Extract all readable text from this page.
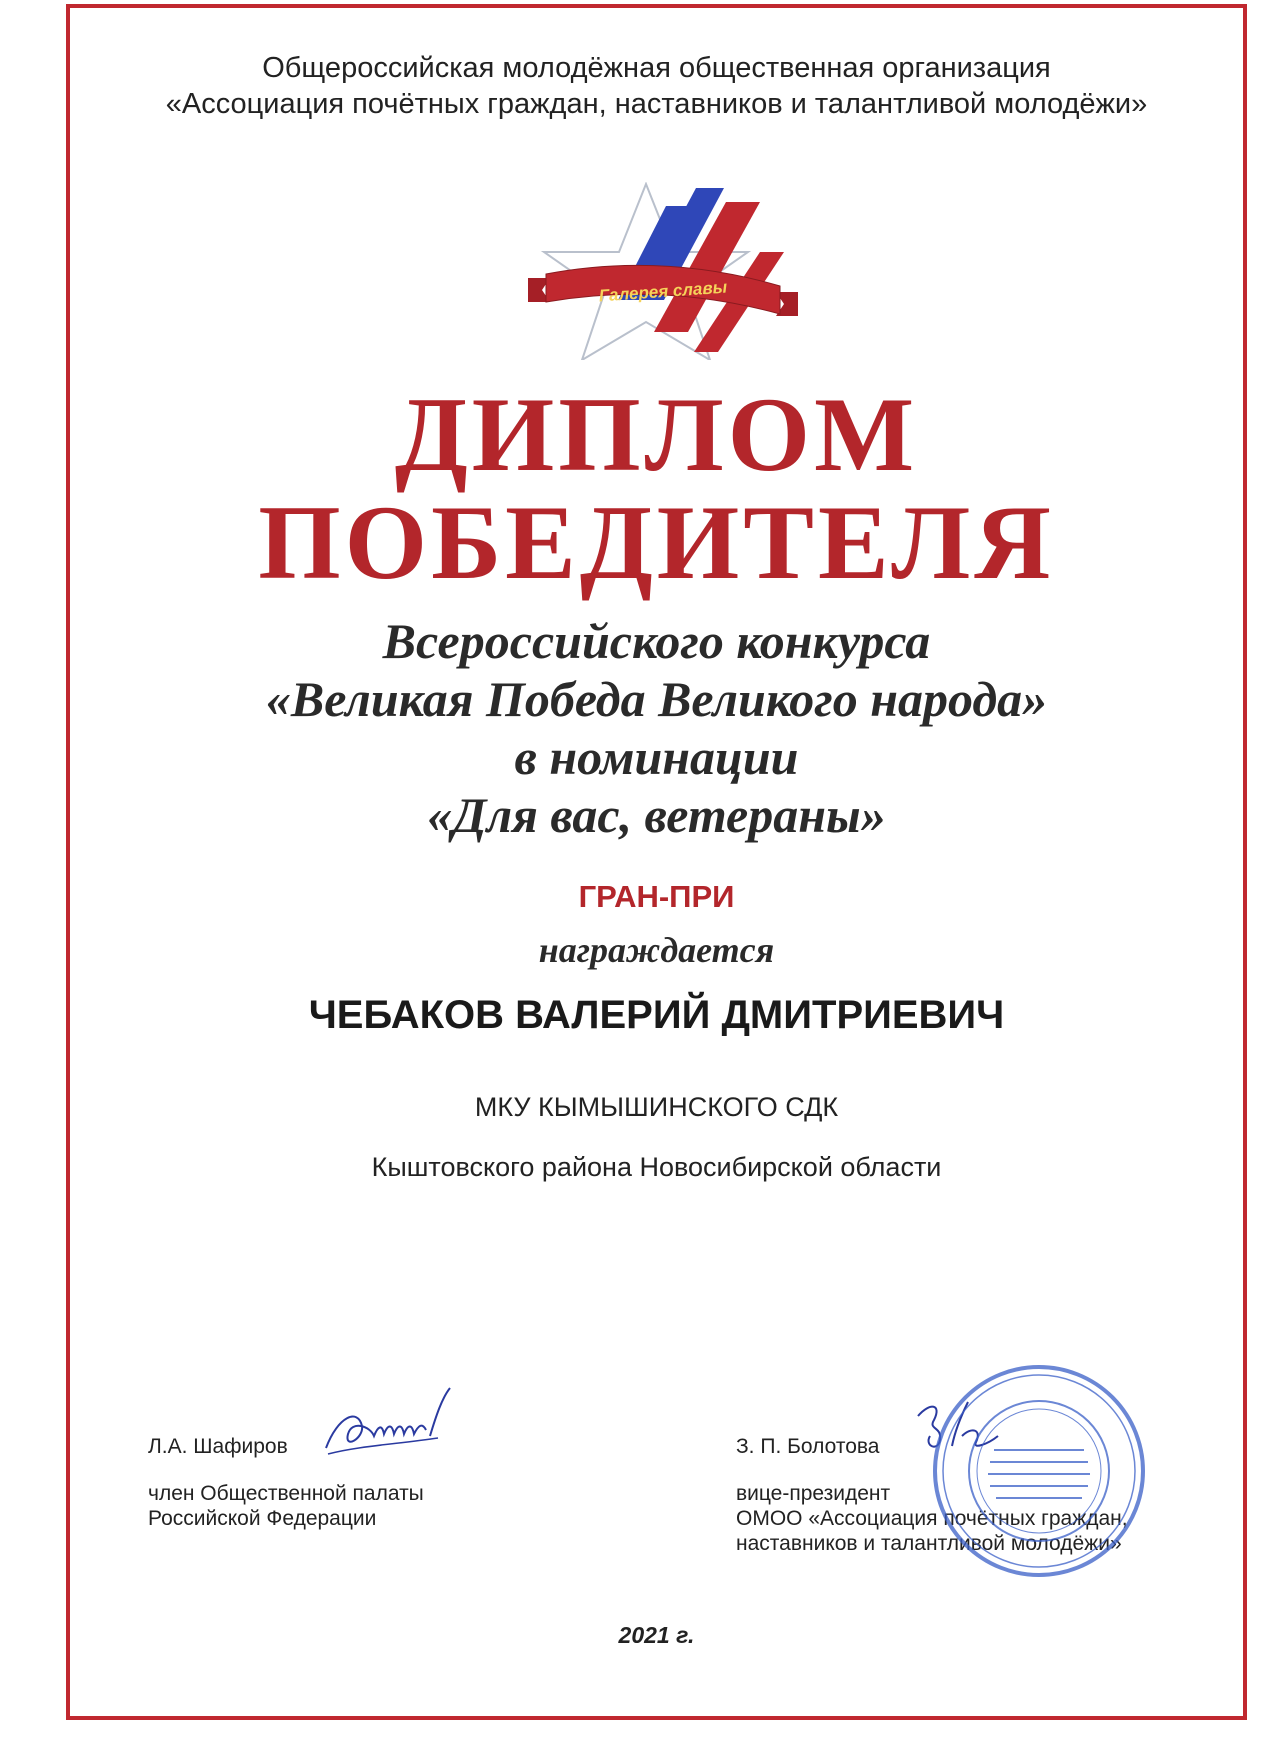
Общероссийская молодёжная общественная организация
«Ассоциация почётных граждан, наставников и талантливой молодёжи»
Галерея славы
ДИПЛОМ
ПОБЕДИТЕЛЯ
Всероссийского конкурса
«Великая Победа Великого народа»
в номинации
«Для вас, ветераны»
ГРАН-ПРИ
награждается
ЧЕБАКОВ ВАЛЕРИЙ ДМИТРИЕВИЧ
МКУ КЫМЫШИНСКОГО СДК
Кыштовского района Новосибирской области
Л.А. Шафиров
член Общественной палаты
Российской Федерации
З. П. Болотова
вице-президент
ОМОО «Ассоциация почётных граждан,
наставников и талантливой молодёжи»
2021 г.
